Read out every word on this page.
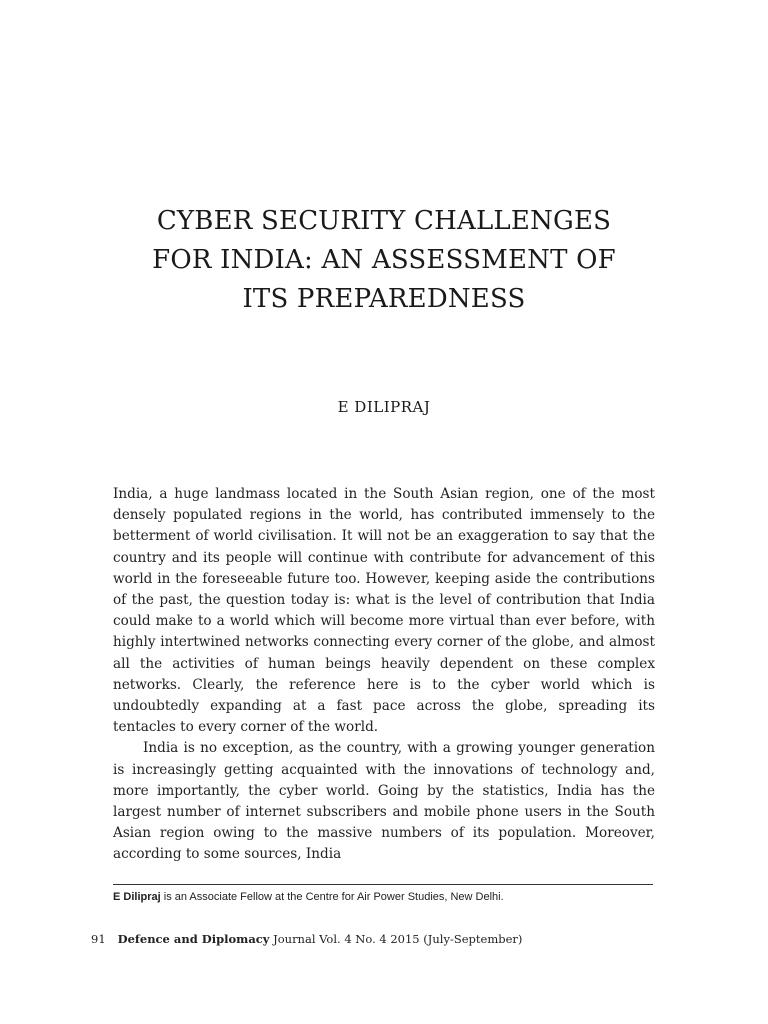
CYBER SECURITY CHALLENGES
FOR INDIA: AN ASSESSMENT OF
ITS PREPAREDNESS
E DILIPRAJ

India, a huge landmass located in the South Asian region, one of the most densely populated regions in the world, has contributed immensely to the betterment of world civilisation. It will not be an exaggeration to say that the country and its people will continue with contribute for advancement of this world in the foreseeable future too. However, keeping aside the contributions of the past, the question today is: what is the level of contribution that India could make to a world which will become more virtual than ever before, with highly intertwined networks connecting every corner of the globe, and almost all the activities of human beings heavily dependent on these complex networks. Clearly, the reference here is to the cyber world which is undoubtedly expanding at a fast pace across the globe, spreading its tentacles to every corner of the world.

India is no exception, as the country, with a growing younger generation is increasingly getting acquainted with the innovations of technology and, more importantly, the cyber world. Going by the statistics, India has the largest number of internet subscribers and mobile phone users in the South Asian region owing to the massive numbers of its population. Moreover, according to some sources, India

E Dilipraj is an Associate Fellow at the Centre for Air Power Studies, New Delhi.
91 Defence and Diplomacy Journal Vol. 4 No. 4 2015 (July-September)
